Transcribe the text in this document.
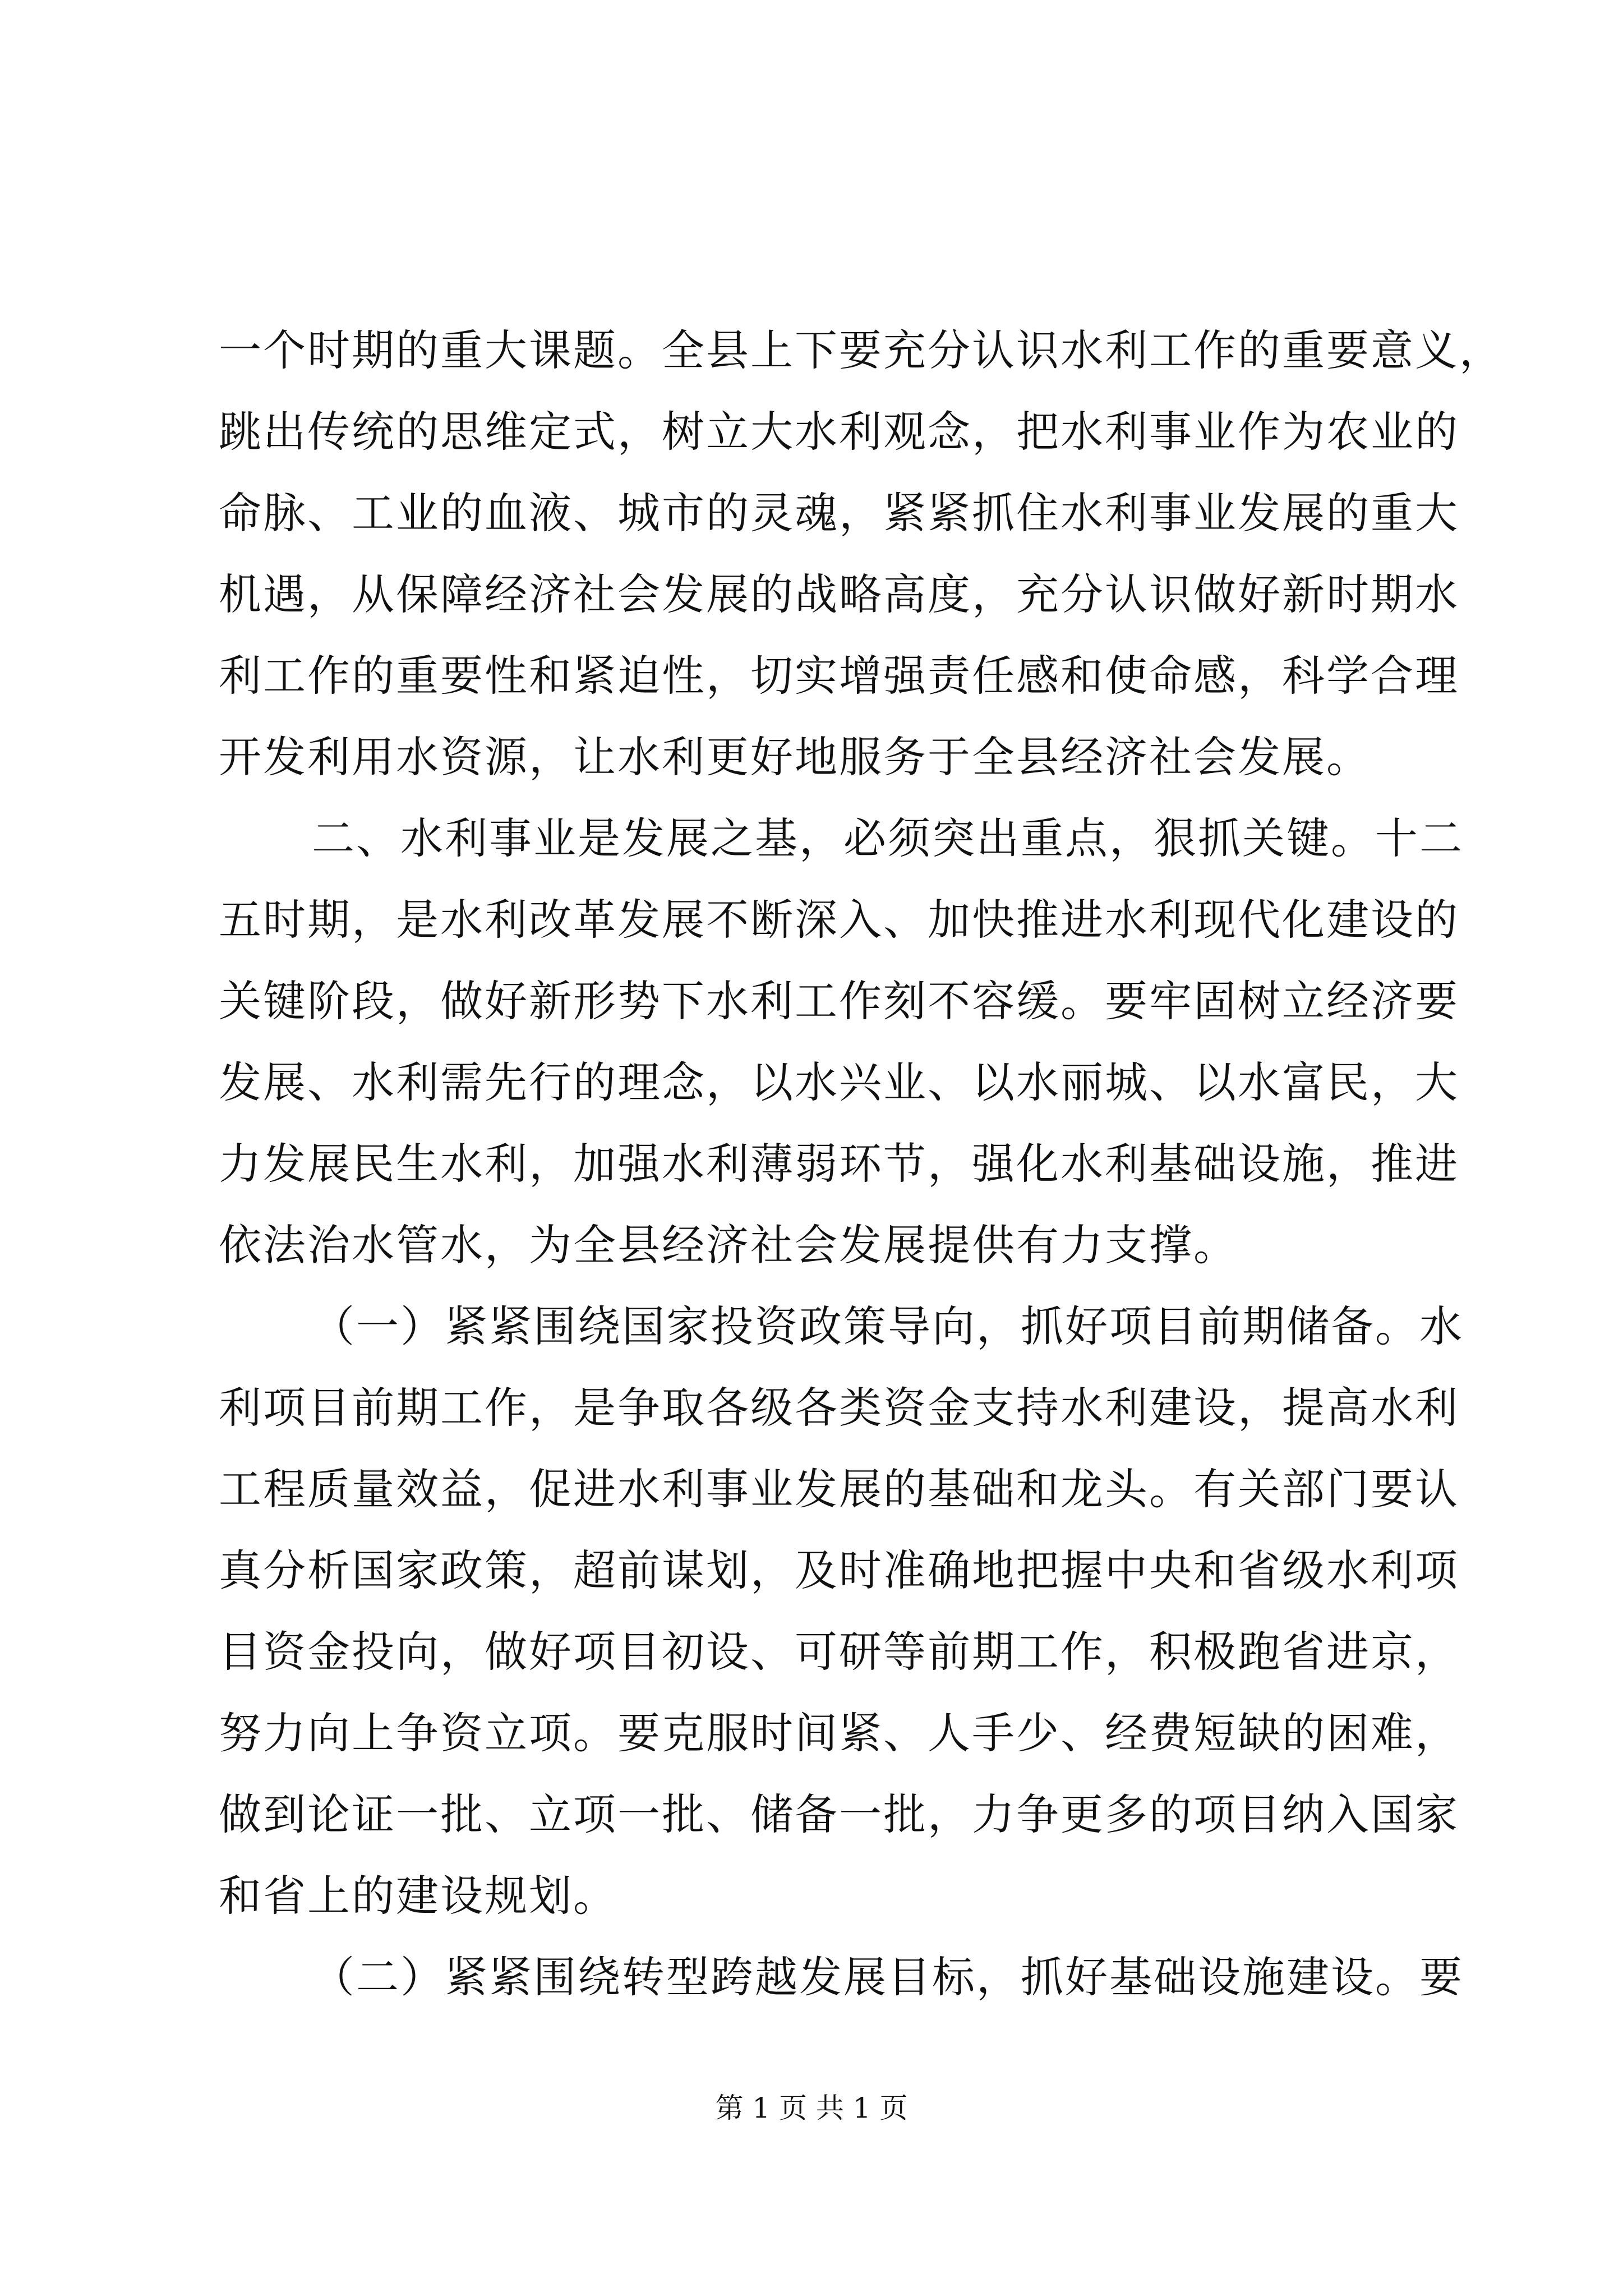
一个时期的重大课题。全县上下要充分认识水利工作的重要意义，
跳出传统的思维定式，树立大水利观念，把水利事业作为农业的
命脉、工业的血液、城市的灵魂，紧紧抓住水利事业发展的重大
机遇，从保障经济社会发展的战略高度，充分认识做好新时期水
利工作的重要性和紧迫性，切实增强责任感和使命感，科学合理
开发利用水资源，让水利更好地服务于全县经济社会发展。
二、水利事业是发展之基，必须突出重点，狠抓关键。十二
五时期，是水利改革发展不断深入、加快推进水利现代化建设的
关键阶段，做好新形势下水利工作刻不容缓。要牢固树立经济要
发展、水利需先行的理念，以水兴业、以水丽城、以水富民，大
力发展民生水利，加强水利薄弱环节，强化水利基础设施，推进
依法治水管水，为全县经济社会发展提供有力支撑。
（一）紧紧围绕国家投资政策导向，抓好项目前期储备。水
利项目前期工作，是争取各级各类资金支持水利建设，提高水利
工程质量效益，促进水利事业发展的基础和龙头。有关部门要认
真分析国家政策，超前谋划，及时准确地把握中央和省级水利项
目资金投向，做好项目初设、可研等前期工作，积极跑省进京，
努力向上争资立项。要克服时间紧、人手少、经费短缺的困难，
做到论证一批、立项一批、储备一批，力争更多的项目纳入国家
和省上的建设规划。
（二）紧紧围绕转型跨越发展目标，抓好基础设施建设。要
第 1 页 共 1 页
